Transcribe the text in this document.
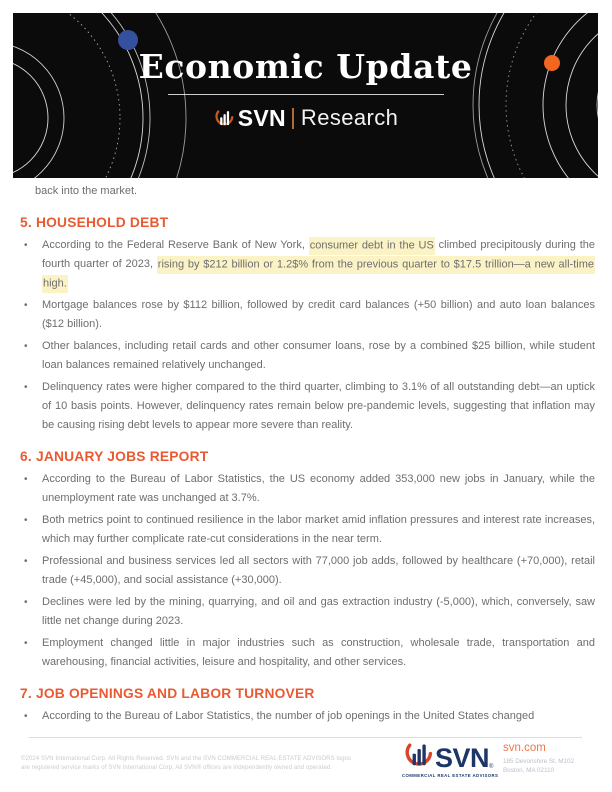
Economic Update
SVN Research

back into the market.

5. HOUSEHOLD DEBT
• According to the Federal Reserve Bank of New York, consumer debt in the US climbed precipitously during the fourth quarter of 2023, rising by $212 billion or 1.2$% from the previous quarter to $17.5 trillion—a new all-time high.
• Mortgage balances rose by $112 billion, followed by credit card balances (+50 billion) and auto loan balances ($12 billion).
• Other balances, including retail cards and other consumer loans, rose by a combined $25 billion, while student loan balances remained relatively unchanged.
• Delinquency rates were higher compared to the third quarter, climbing to 3.1% of all outstanding debt—an uptick of 10 basis points. However, delinquency rates remain below pre-pandemic levels, suggesting that inflation may be causing rising debt levels to appear more severe than reality.
6. JANUARY JOBS REPORT
• According to the Bureau of Labor Statistics, the US economy added 353,000 new jobs in January, while the unemployment rate was unchanged at 3.7%.
• Both metrics point to continued resilience in the labor market amid inflation pressures and interest rate increases, which may further complicate rate-cut considerations in the near term.
• Professional and business services led all sectors with 77,000 job adds, followed by healthcare (+70,000), retail trade (+45,000), and social assistance (+30,000).
• Declines were led by the mining, quarrying, and oil and gas extraction industry (-5,000), which, conversely, saw little net change during 2023.
• Employment changed little in major industries such as construction, wholesale trade, transportation and warehousing, financial activities, leisure and hospitality, and other services.
7. JOB OPENINGS AND LABOR TURNOVER
• According to the Bureau of Labor Statistics, the number of job openings in the United States changed
©2024 SVN International Corp. All Rights Reserved. SVN and the SVN COMMERCIAL REAL ESTATE ADVISORS logos
are registered service marks of SVN International Corp. All SVN® offices are independently owned and operated.	SVN ®
COMMERCIAL REAL ESTATE ADVISORS
svn.com
185 Devonshire St, M102
Boston, MA 02110
